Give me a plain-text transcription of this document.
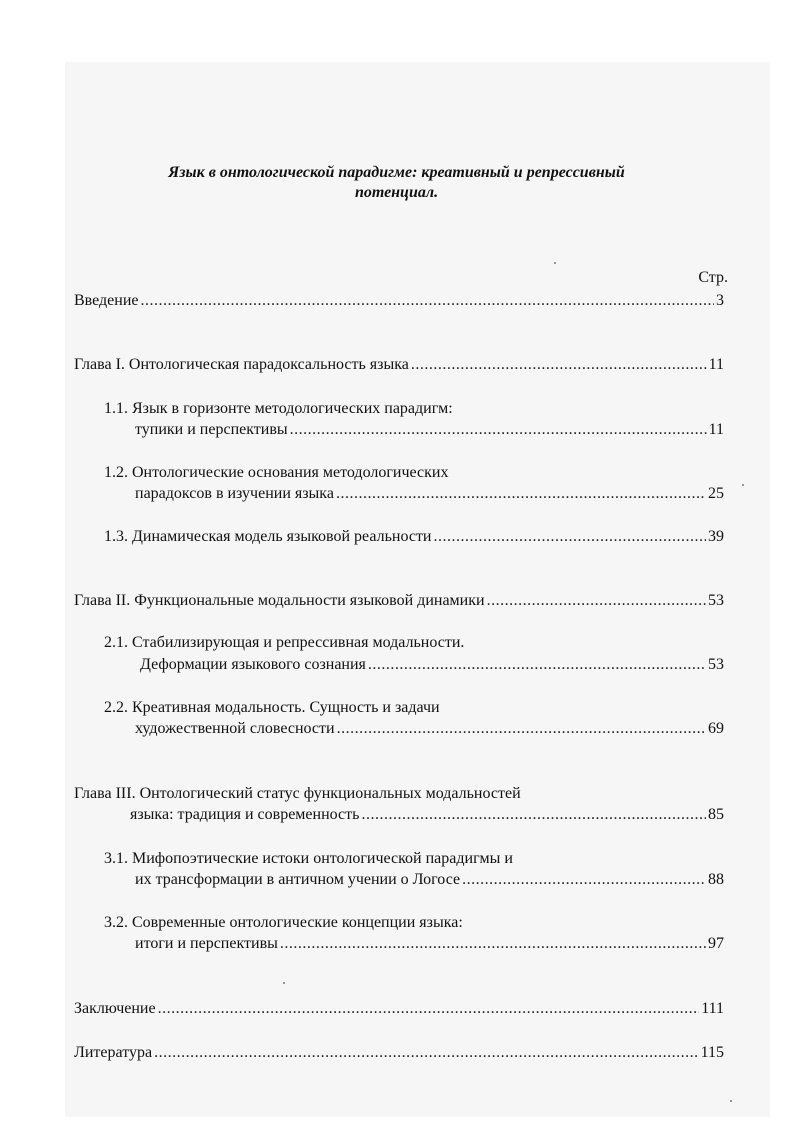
Язык в онтологической парадигме: креативный и репрессивный
потенциал.
Стр.
Введение .....	3
Глава I. Онтологическая парадоксальность языка .....	11
1.1. Язык в горизонте методологических парадигм:
тупики и перспективы .....	11
1.2. Онтологические основания методологических
парадоксов в изучении языка .....	25
1.3. Динамическая модель языковой реальности .....	39
Глава II. Функциональные модальности языковой динамики .....	53
2.1. Стабилизирующая и репрессивная модальности.
Деформации языкового сознания .....	53
2.2. Креативная модальность. Сущность и задачи
художественной словесности .....	69
Глава III. Онтологический статус функциональных модальностей
языка: традиция и современность .....	85
3.1. Мифопоэтические истоки онтологической парадигмы и
их трансформации в античном учении о Логосе .....	88
3.2. Современные онтологические концепции языка:
итоги и перспективы .....	97
Заключение .....	111
Литература .....	115
